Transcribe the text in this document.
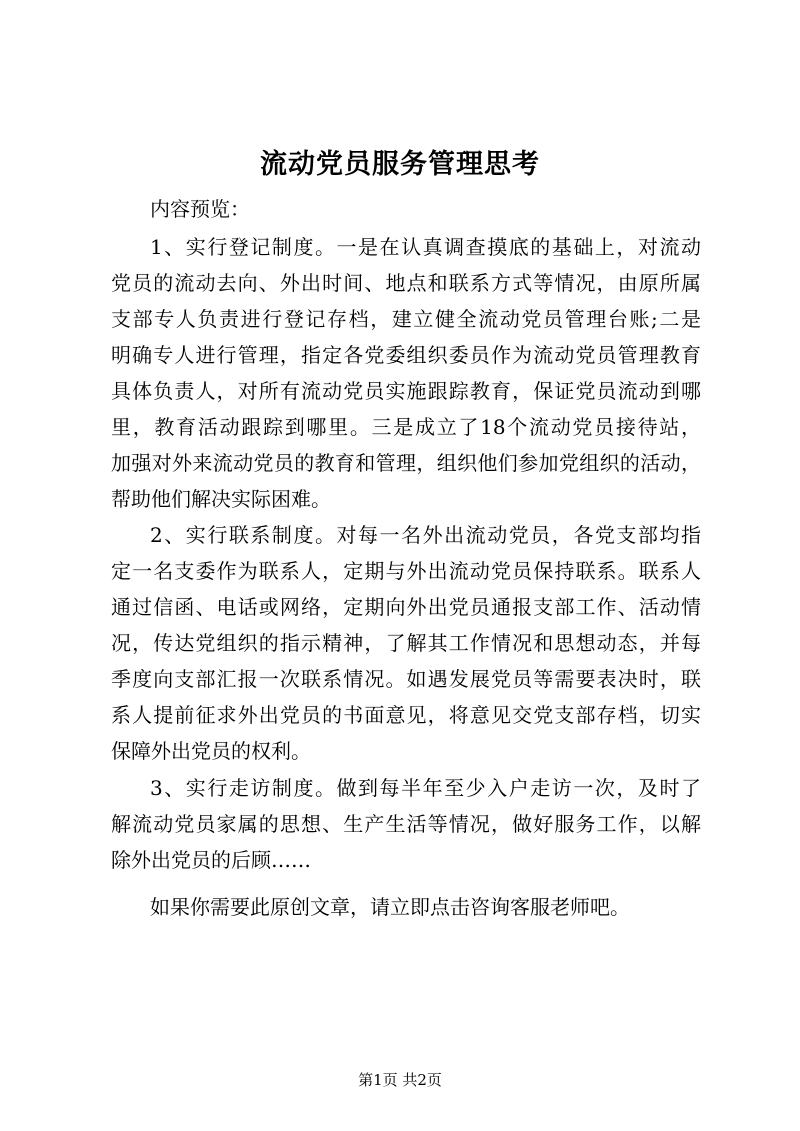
流动党员服务管理思考
内容预览：
1、实行登记制度。一是在认真调查摸底的基础上，对流动
党员的流动去向、外出时间、地点和联系方式等情况，由原所属
支部专人负责进行登记存档，建立健全流动党员管理台账;二是
明确专人进行管理，指定各党委组织委员作为流动党员管理教育
具体负责人，对所有流动党员实施跟踪教育，保证党员流动到哪
里，教育活动跟踪到哪里。三是成立了18个流动党员接待站，
加强对外来流动党员的教育和管理，组织他们参加党组织的活动，
帮助他们解决实际困难。
2、实行联系制度。对每一名外出流动党员，各党支部均指
定一名支委作为联系人，定期与外出流动党员保持联系。联系人
通过信函、电话或网络，定期向外出党员通报支部工作、活动情
况，传达党组织的指示精神，了解其工作情况和思想动态，并每
季度向支部汇报一次联系情况。如遇发展党员等需要表决时，联
系人提前征求外出党员的书面意见，将意见交党支部存档，切实
保障外出党员的权利。
3、实行走访制度。做到每半年至少入户走访一次，及时了
解流动党员家属的思想、生产生活等情况，做好服务工作，以解
除外出党员的后顾……
如果你需要此原创文章，请立即点击咨询客服老师吧。
第1页 共2页
